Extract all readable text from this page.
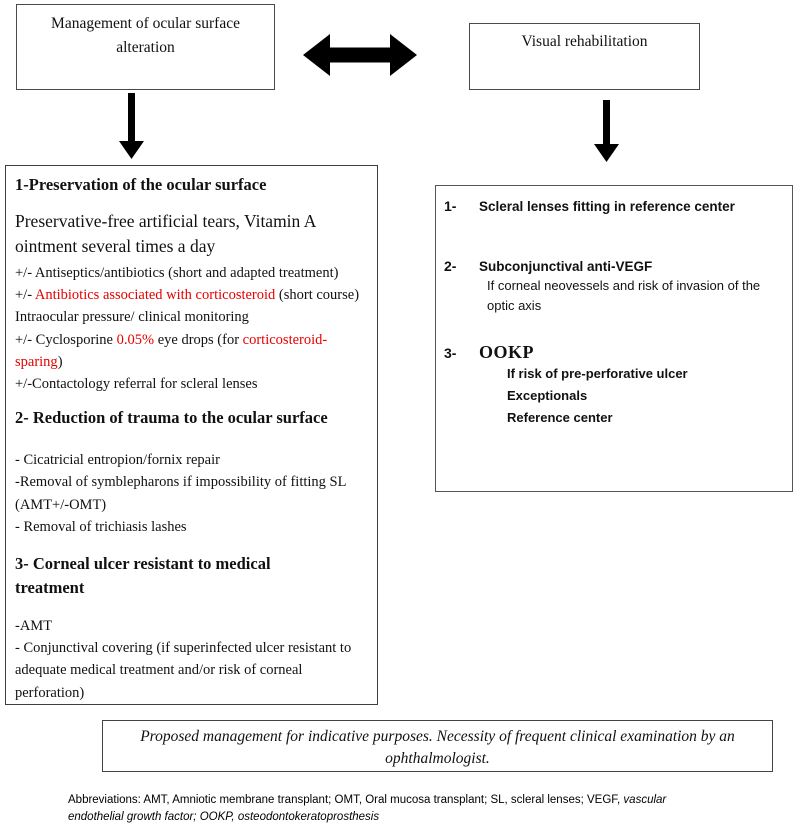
Management of ocular surface
alteration	Visual rehabilitation
1-Preservation of the ocular surface
Preservative-free artificial tears, Vitamin A
ointment several times a day
+/- Antiseptics/antibiotics (short and adapted treatment)
+/- Antibiotics associated with corticosteroid (short course)
Intraocular pressure/ clinical monitoring
+/- Cyclosporine 0.05% eye drops (for corticosteroid-
sparing)
+/-Contactology referral for scleral lenses
2- Reduction of trauma to the ocular surface
- Cicatricial entropion/fornix repair
-Removal of symblepharons if impossibility of fitting SL
(AMT+/-OMT)
- Removal of trichiasis lashes
3- Corneal ulcer resistant to medical
treatment
-AMT
- Conjunctival covering (if superinfected ulcer resistant to
adequate medical treatment and/or risk of corneal
perforation)
1-	Scleral lenses fitting in reference center
2-	Subconjunctival anti-VEGF
If corneal neovessels and risk of invasion of the optic axis
3-	OOKP
If risk of pre-perforative ulcer
Exceptionals
Reference center
Proposed management for indicative purposes. Necessity of frequent clinical examination by an ophthalmologist.
Abbreviations: AMT, Amniotic membrane transplant; OMT, Oral mucosa transplant; SL, scleral lenses; VEGF, vascular endothelial growth factor; OOKP, osteodontokeratoprosthesis
